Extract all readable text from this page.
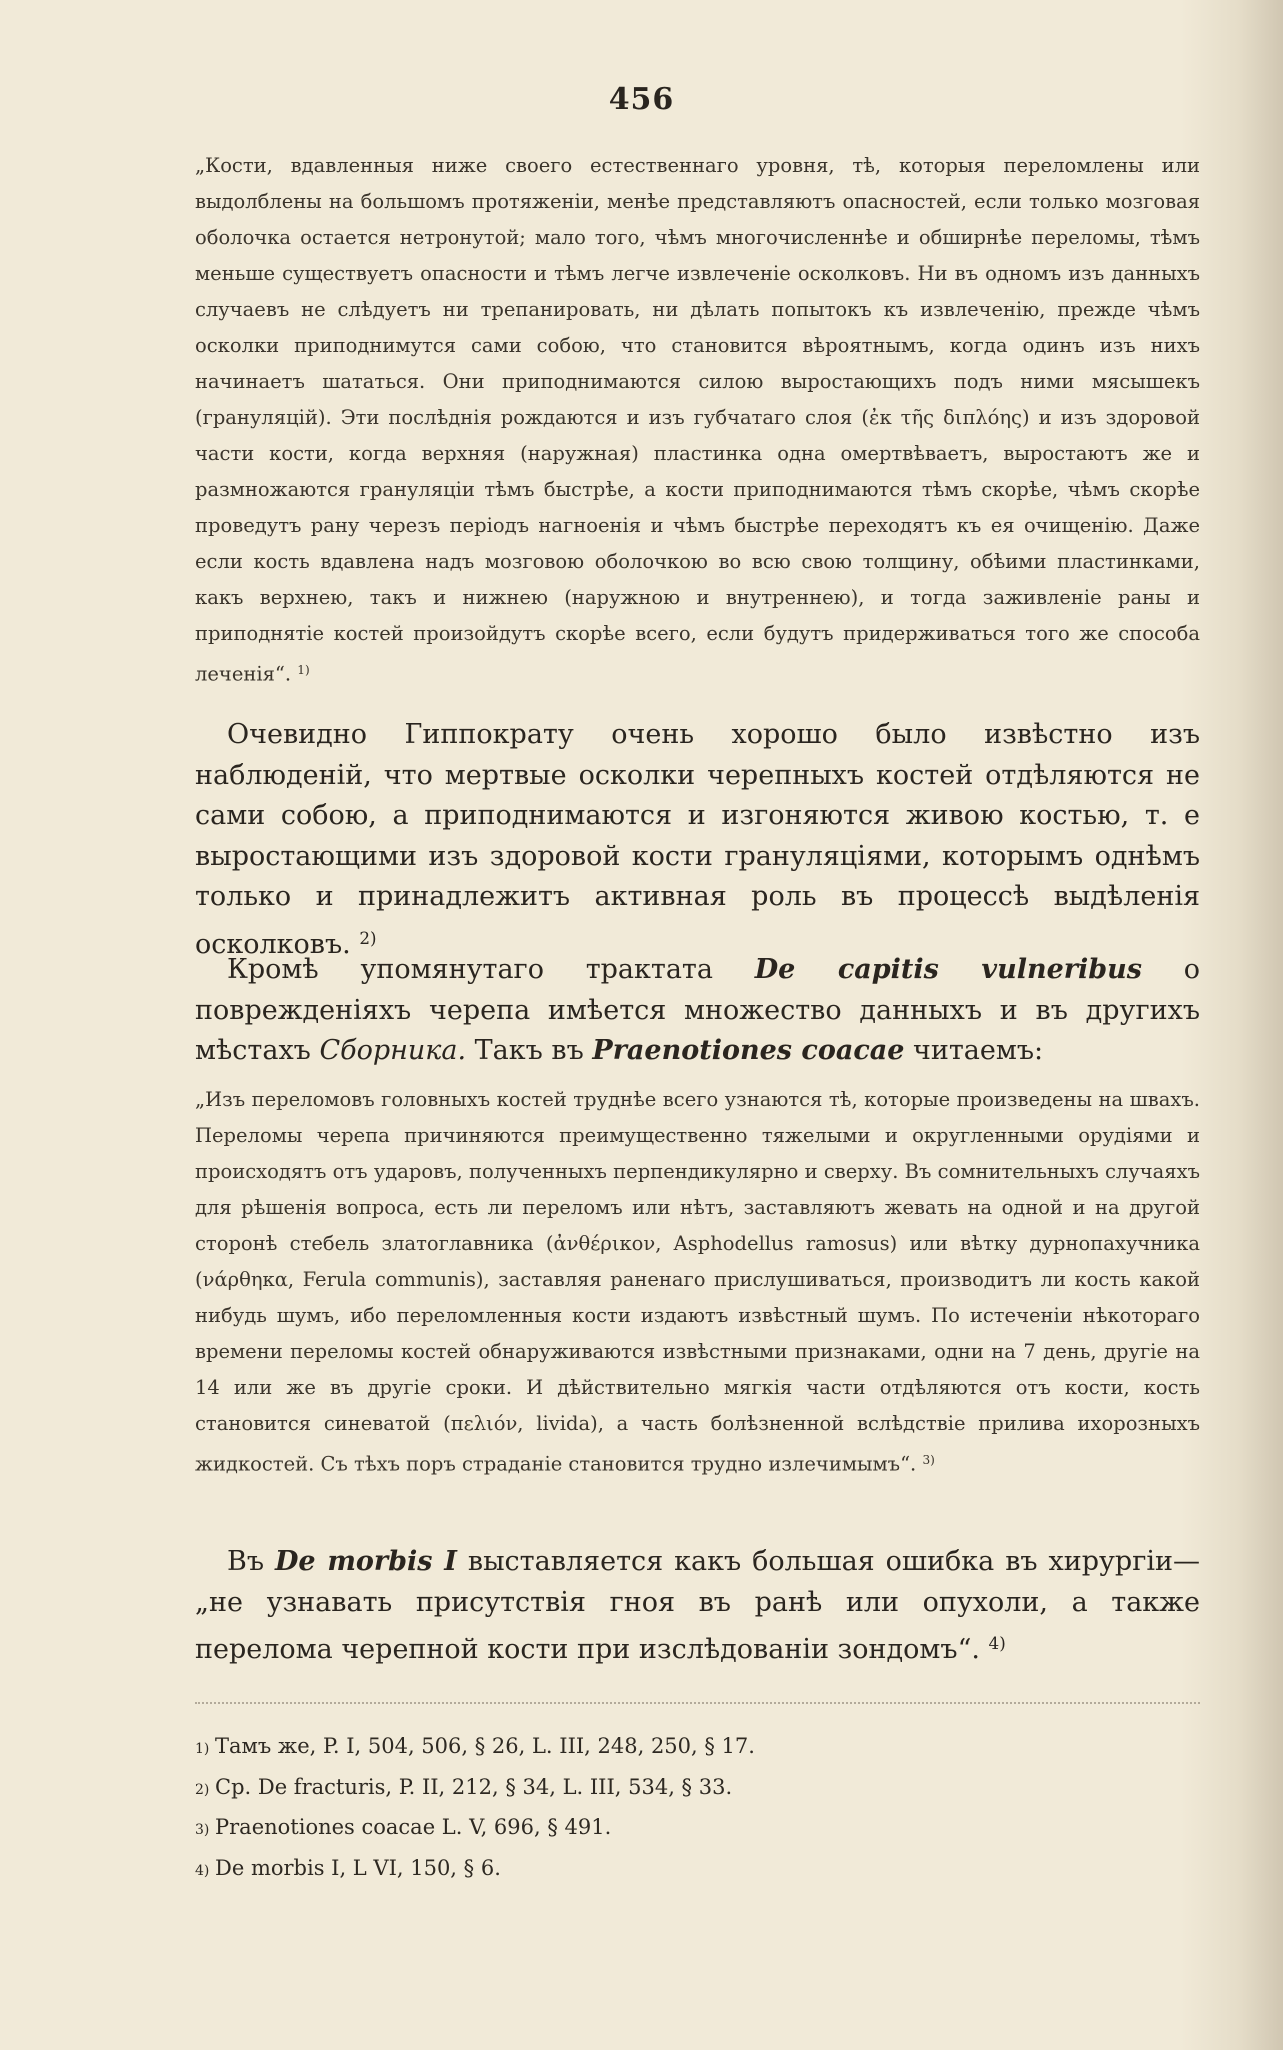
456

„Кости, вдавленныя ниже своего естественнаго уровня, тѣ, которыя переломлены или выдолблены на большомъ протяженіи, менѣе представляютъ опасностей, если только мозговая оболочка остается нетронутой; мало того, чѣмъ многочисленнѣе и обширнѣе переломы, тѣмъ меньше существуетъ опасности и тѣмъ легче извлеченіе осколковъ. Ни въ одномъ изъ данныхъ случаевъ не слѣдуетъ ни трепанировать, ни дѣлать попытокъ къ извлеченію, прежде чѣмъ осколки приподнимутся сами собою, что становится вѣроятнымъ, когда одинъ изъ нихъ начинаетъ шататься. Они приподнимаются силою выростающихъ подъ ними мясышекъ (грануляцій). Эти послѣднія рождаются и изъ губчатаго слоя (ἐκ τῆς διπλόης) и изъ здоровой части кости, когда верхняя (наружная) пластинка одна омертвѣваетъ, выростаютъ же и размножаются грануляціи тѣмъ быстрѣе, а кости приподнимаются тѣмъ скорѣе, чѣмъ скорѣе проведутъ рану черезъ періодъ нагноенія и чѣмъ быстрѣе переходятъ къ ея очищенію. Даже если кость вдавлена надъ мозговою оболочкою во всю свою толщину, обѣими пластинками, какъ верхнею, такъ и нижнею (наружною и внутреннею), и тогда заживленіе раны и приподнятіе костей произойдутъ скорѣе всего, если будутъ придерживаться того же способа леченія“. $^{1)}$

Очевидно Гиппократу очень хорошо было извѣстно изъ наблюденій, что мертвые осколки черепныхъ костей отдѣляются не сами собою, а приподнимаются и изгоняются живою костью, т. е выростающими изъ здоровой кости грануляціями, которымъ однѣмъ только и принадлежитъ активная роль въ процессѣ выдѣленія осколковъ. $^{2)}$

Кромѣ упомянутаго трактата De capitis vulneribus о поврежденіяхъ черепа имѣется множество данныхъ и въ другихъ мѣстахъ Сборника. Такъ въ Praenotiones coacae читаемъ:

„Изъ переломовъ головныхъ костей труднѣе всего узнаются тѣ, которые произведены на швахъ. Переломы черепа причиняются преимущественно тяжелыми и округленными орудіями и происходятъ отъ ударовъ, полученныхъ перпендикулярно и сверху. Въ сомнительныхъ случаяхъ для рѣшенія вопроса, есть ли переломъ или нѣтъ, заставляютъ жевать на одной и на другой сторонѣ стебель златоглавника (ἀνθέρικον, Asphodellus ramosus) или вѣтку дурнопахучника (νάρθηκα, Ferula communis), заставляя раненаго прислушиваться, производитъ ли кость какой нибудь шумъ, ибо переломленныя кости издаютъ извѣстный шумъ. По истеченіи нѣкотораго времени переломы костей обнаруживаются извѣстными признаками, одни на 7 день, другіе на 14 или же въ другіе сроки. И дѣйствительно мягкія части отдѣляются отъ кости, кость становится синеватой (πελιόν, livida), а часть болѣзненной вслѣдствіе прилива ихорозныхъ жидкостей. Съ тѣхъ поръ страданіе становится трудно излечимымъ“. $^{3)}$

Въ De morbis I выставляется какъ большая ошибка въ хирургіи—„не узнавать присутствія гноя въ ранѣ или опухоли, а также перелома черепной кости при изслѣдованіи зондомъ“. $^{4)}$

1) Тамъ же, P. I, 504, 506, § 26, L. III, 248, 250, § 17.
2) Ср. De fracturis, P. II, 212, § 34, L. III, 534, § 33.
3) Praenotiones coacae L. V, 696, § 491.
4) De morbis I, L VI, 150, § 6.
